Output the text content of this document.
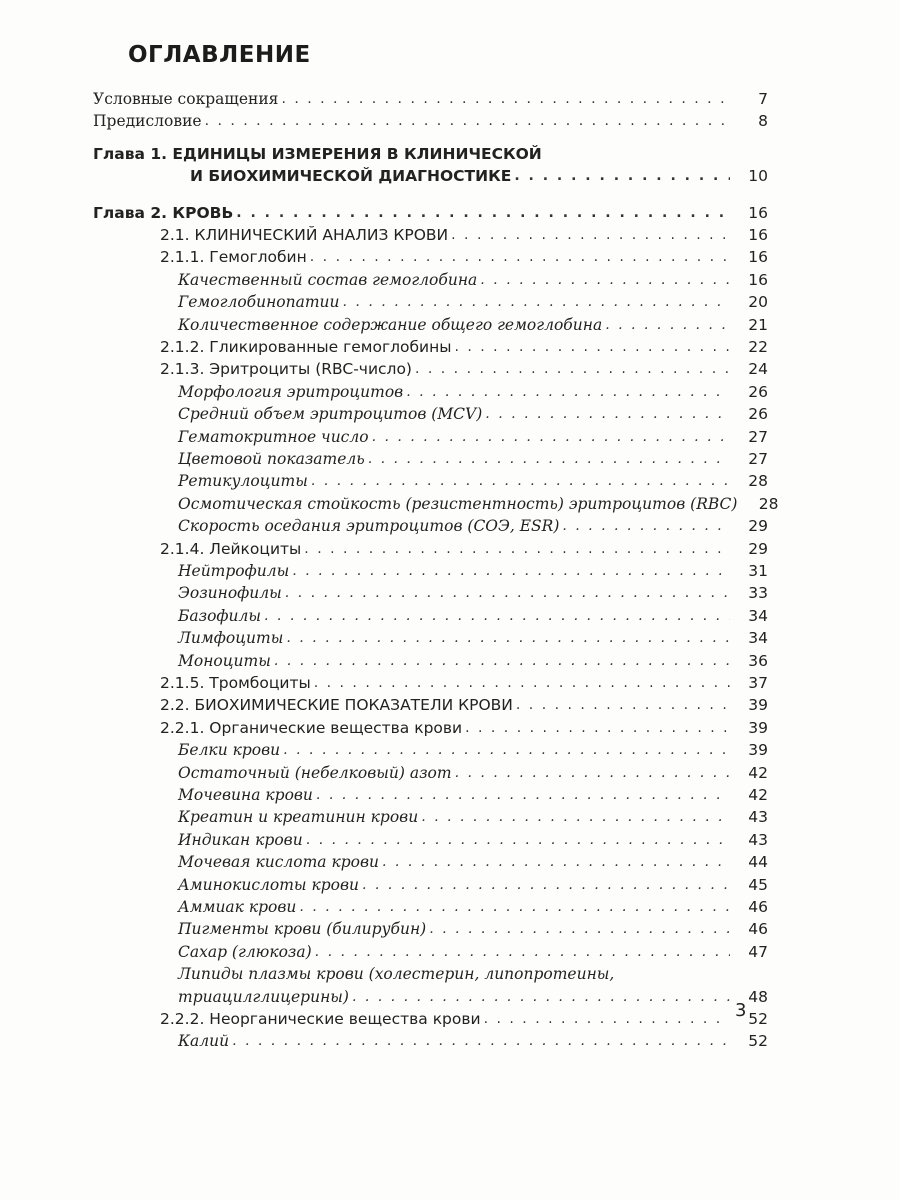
ОГЛАВЛЕНИЕ
Условные сокращения . . .	7
Предисловие . . .	8
Глава 1. ЕДИНИЦЫ ИЗМЕРЕНИЯ В КЛИНИЧЕСКОЙ
И БИОХИМИЧЕСКОЙ ДИАГНОСТИКЕ . . .	10
Глава 2. КРОВЬ . . .	16
2.1. КЛИНИЧЕСКИЙ АНАЛИЗ КРОВИ . . .	16
2.1.1. Гемоглобин . . .	16
Качественный состав гемоглобина . . .	16
Гемоглобинопатии . . .	20
Количественное содержание общего гемоглобина . . .	21
2.1.2. Гликированные гемоглобины . . .	22
2.1.3. Эритроциты (RBC-число) . . .	24
Морфология эритроцитов . . .	26
Средний объем эритроцитов (MCV) . . .	26
Гематокритное число . . .	27
Цветовой показатель . . .	27
Ретикулоциты . . .	28
Осмотическая стойкость (резистентность) эритроцитов (RBC)	28
Скорость оседания эритроцитов (СОЭ, ESR) . . .	29
2.1.4. Лейкоциты . . .	29
Нейтрофилы . . .	31
Эозинофилы . . .	33
Базофилы . . .	34
Лимфоциты . . .	34
Моноциты . . .	36
2.1.5. Тромбоциты . . .	37
2.2. БИОХИМИЧЕСКИЕ ПОКАЗАТЕЛИ КРОВИ . . .	39
2.2.1. Органические вещества крови . . .	39
Белки крови . . .	39
Остаточный (небелковый) азот . . .	42
Мочевина крови . . .	42
Креатин и креатинин крови . . .	43
Индикан крови . . .	43
Мочевая кислота крови . . .	44
Аминокислоты крови . . .	45
Аммиак крови . . .	46
Пигменты крови (билирубин) . . .	46
Сахар (глюкоза) . . .	47
Липиды плазмы крови (холестерин, липопротеины,
триацилглицерины) . . .	48
2.2.2. Неорганические вещества крови . . .	52
Калий . . .	52
3
